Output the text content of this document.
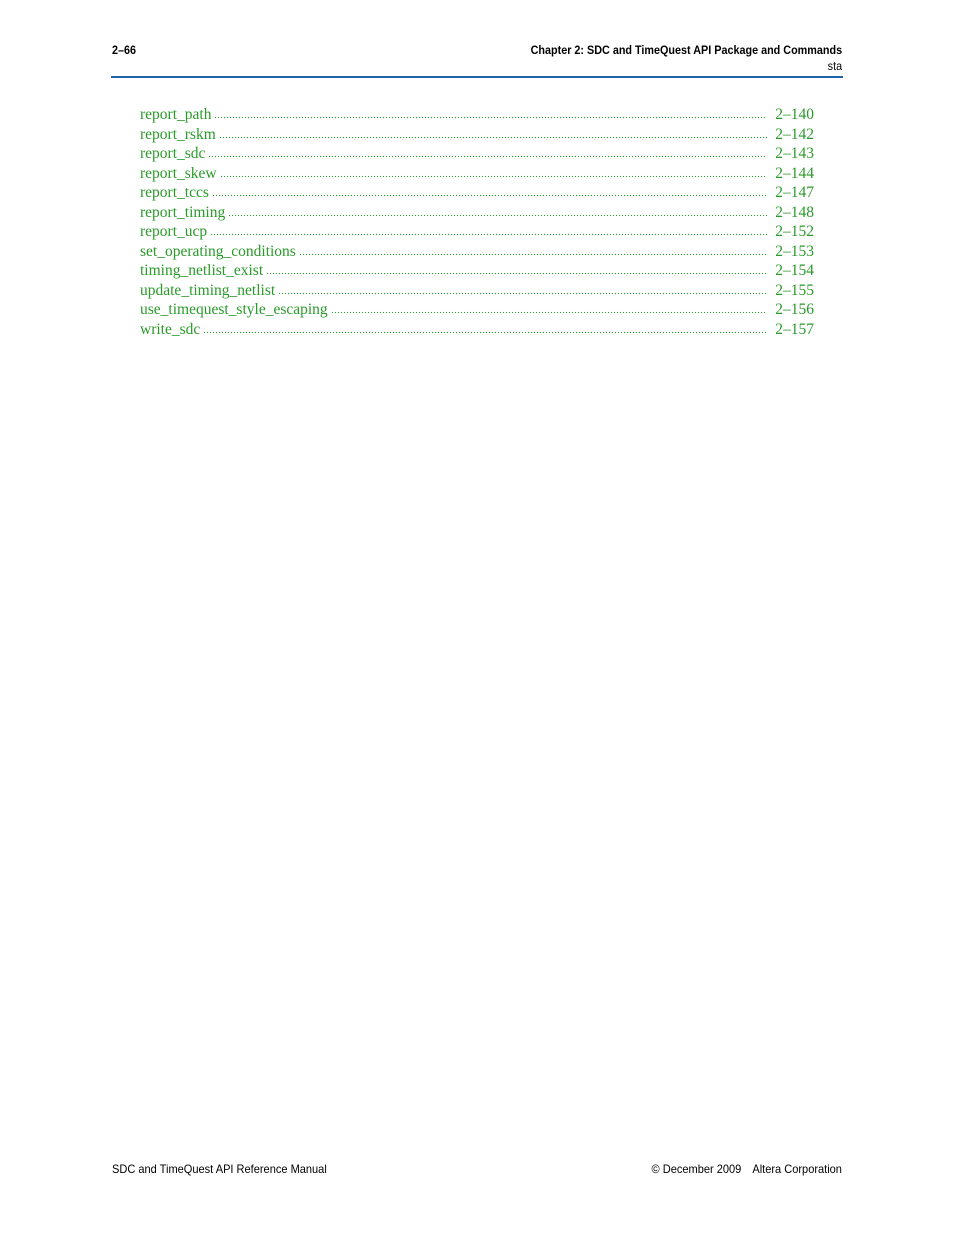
2–66	Chapter 2: SDC and TimeQuest API Package and Commands
sta
report_path	2–140
report_rskm	2–142
report_sdc	2–143
report_skew	2–144
report_tccs	2–147
report_timing	2–148
report_ucp	2–152
set_operating_conditions	2–153
timing_netlist_exist	2–154
update_timing_netlist	2–155
use_timequest_style_escaping	2–156
write_sdc	2–157
SDC and TimeQuest API Reference Manual	© December 2009 Altera Corporation
